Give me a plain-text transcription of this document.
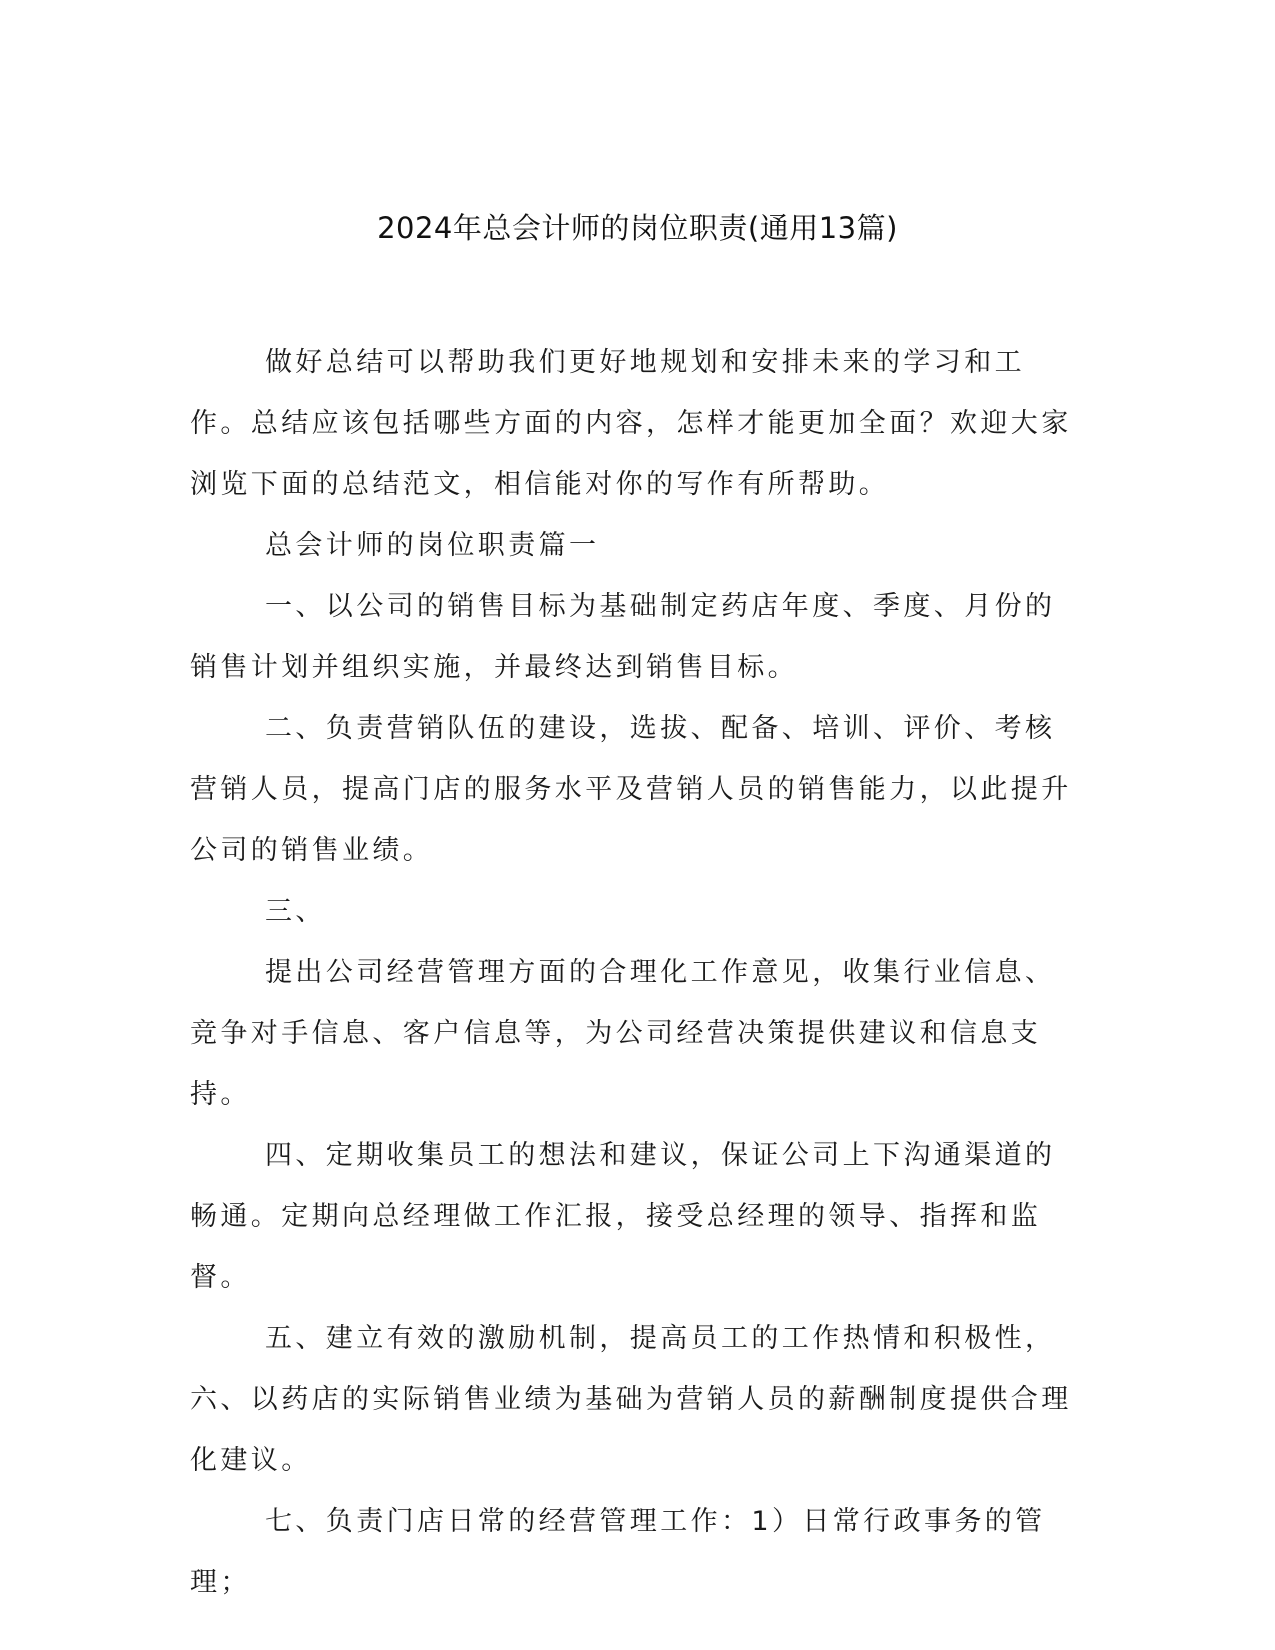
2024年总会计师的岗位职责(通用13篇)

做好总结可以帮助我们更好地规划和安排未来的学习和工作。总结应该包括哪些方面的内容，怎样才能更加全面？欢迎大家浏览下面的总结范文，相信能对你的写作有所帮助。

总会计师的岗位职责篇一

一、以公司的销售目标为基础制定药店年度、季度、月份的销售计划并组织实施，并最终达到销售目标。

二、负责营销队伍的建设，选拔、配备、培训、评价、考核营销人员，提高门店的服务水平及营销人员的销售能力，以此提升公司的销售业绩。

三、

提出公司经营管理方面的合理化工作意见，收集行业信息、竞争对手信息、客户信息等，为公司经营决策提供建议和信息支持。

四、定期收集员工的想法和建议，保证公司上下沟通渠道的畅通。定期向总经理做工作汇报，接受总经理的领导、指挥和监督。

五、建立有效的激励机制，提高员工的工作热情和积极性，六、以药店的实际销售业绩为基础为营销人员的薪酬制度提供合理化建议。

七、负责门店日常的经营管理工作：1）日常行政事务的管理；
